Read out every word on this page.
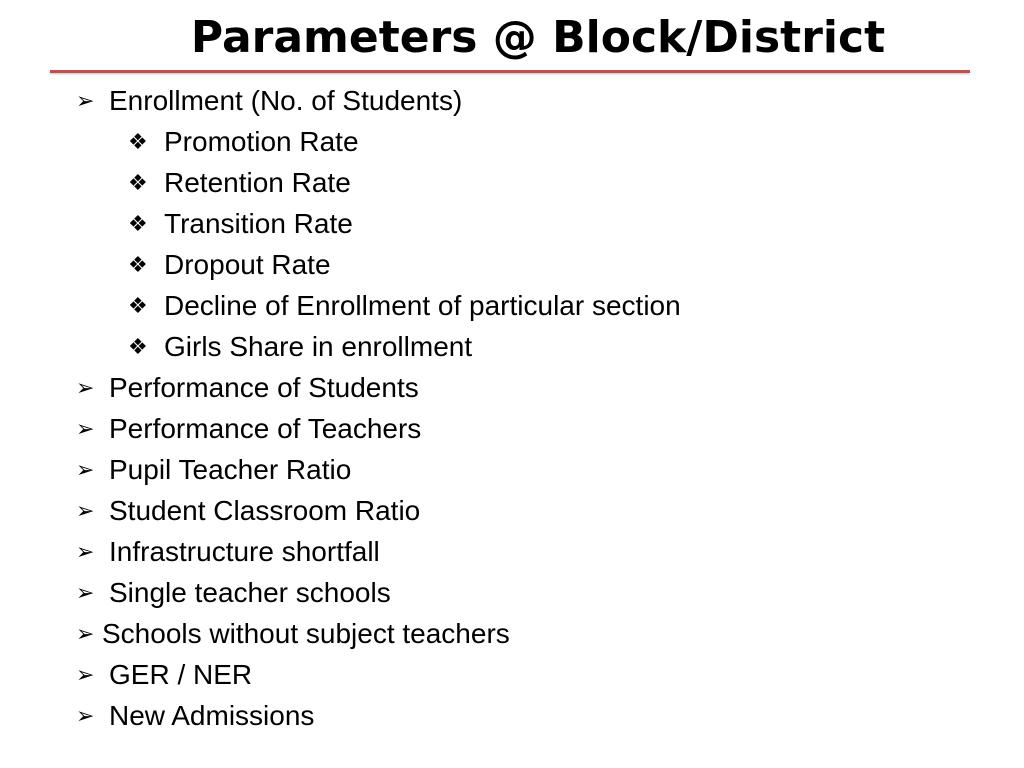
Parameters @ Block/District
➢ Enrollment (No. of Students)
❖ Promotion Rate
❖ Retention Rate
❖ Transition Rate
❖ Dropout Rate
❖ Decline of Enrollment of particular section
❖ Girls Share in enrollment
➢ Performance of Students
➢ Performance of Teachers
➢ Pupil Teacher Ratio
➢ Student Classroom Ratio
➢ Infrastructure shortfall
➢ Single teacher schools
➢ Schools without subject teachers
➢ GER / NER
➢ New Admissions
